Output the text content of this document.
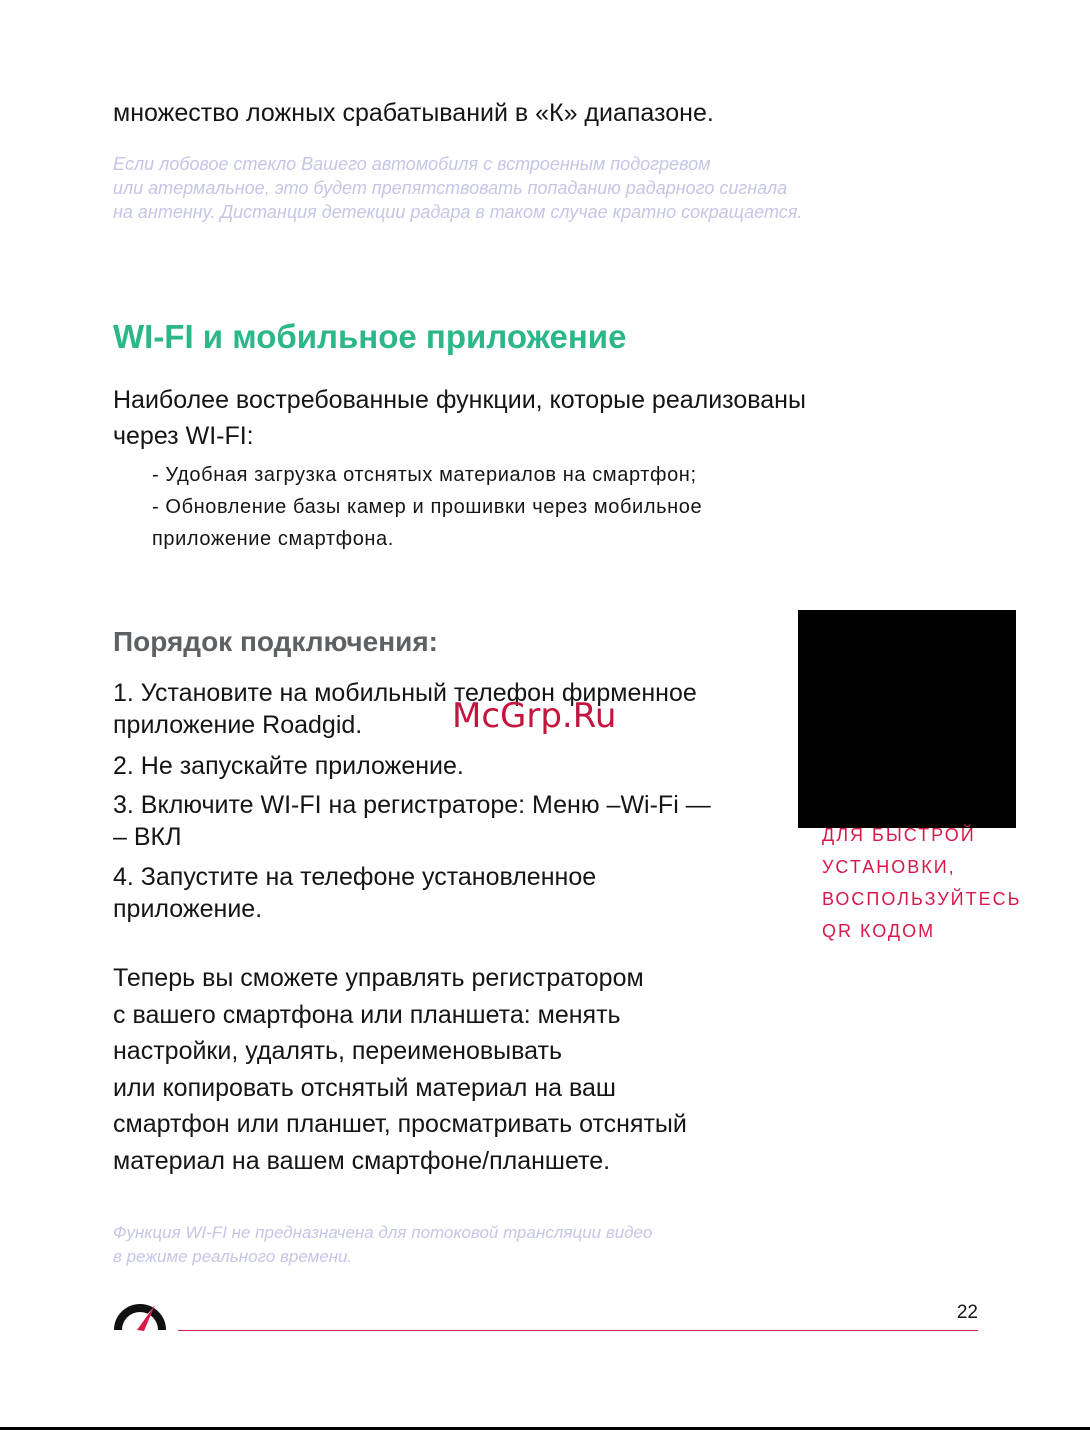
множество ложных срабатываний в «К» диапазоне.
Если лобовое стекло Вашего автомобиля с встроенным подогревом
или атермальное, это будет препятствовать попаданию радарного сигнала
на антенну. Дистанция детекции радара в таком случае кратно сокращается.
WI-FI и мобильное приложение
Наиболее востребованные функции, которые реализованы
через WI-FI:
- Удобная загрузка отснятых материалов на смартфон;
- Обновление базы камер и прошивки через мобильное
приложение смартфона.
Порядок подключения:
1. Установите на мобильный телефон фирменное
приложение Roadgid.
2. Не запускайте приложение.
3. Включите WI-FI на регистраторе: Меню –Wi-Fi —
– ВКЛ
4. Запустите на телефоне установленное
приложение.
Теперь вы сможете управлять регистратором
с вашего смартфона или планшета: менять
настройки, удалять, переименовывать
или копировать отснятый материал на ваш
смартфон или планшет, просматривать отснятый
материал на вашем смартфоне/планшете.
ДЛЯ БЫСТРОЙ
УСТАНОВКИ,
ВОСПОЛЬЗУЙТЕСЬ
QR КОДОМ
McGrp.Ru
Функция WI-FI не предназначена для потоковой трансляции видео
в режиме реального времени.
22
